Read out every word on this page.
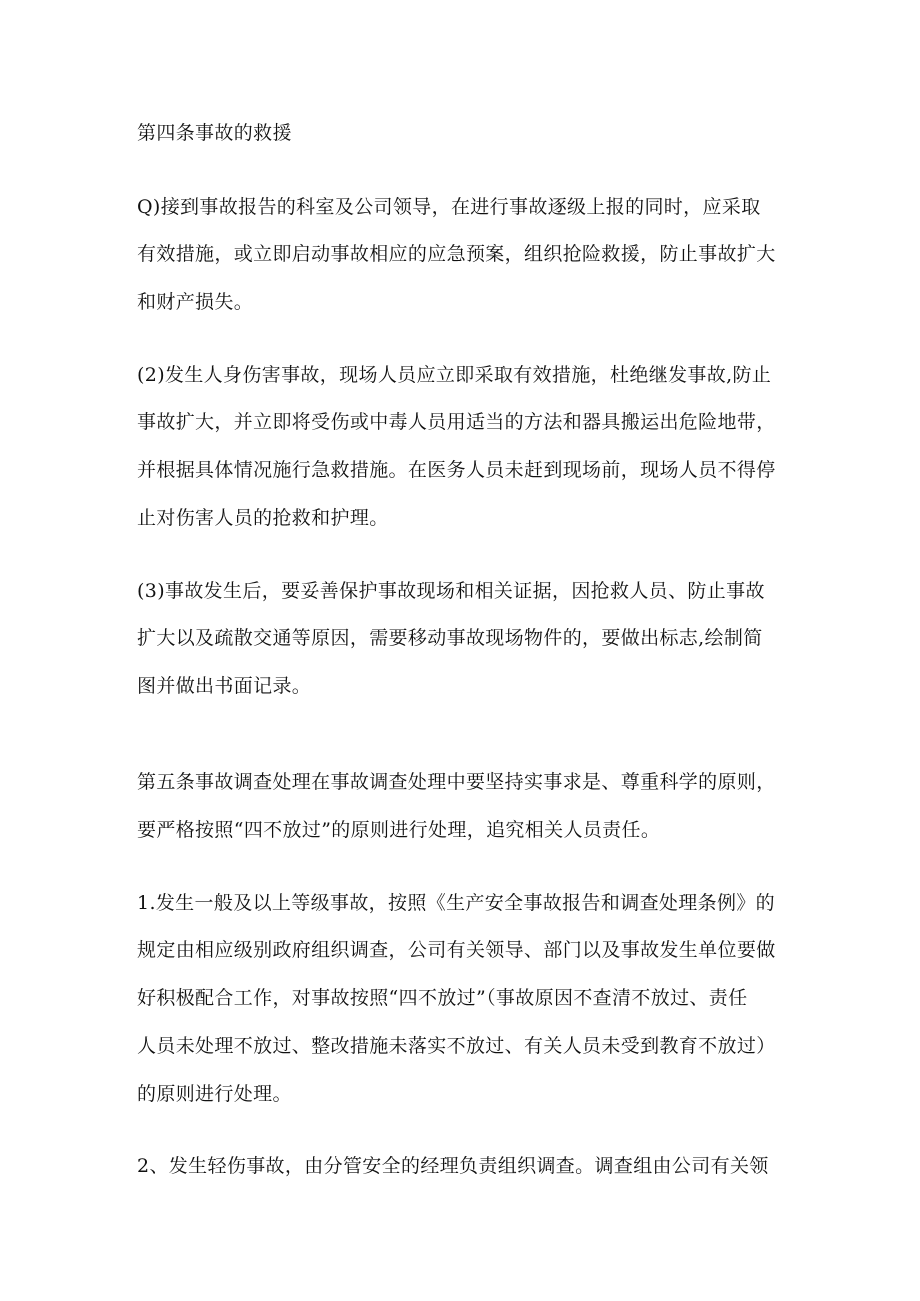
第四条事故的救援

Q)接到事故报告的科室及公司领导，在进行事故逐级上报的同时，应采取

有效措施，或立即启动事故相应的应急预案，组织抢险救援，防止事故扩大

和财产损失。

(2)发生人身伤害事故，现场人员应立即采取有效措施，杜绝继发事故,防止

事故扩大，并立即将受伤或中毒人员用适当的方法和器具搬运出危险地带，

并根据具体情况施行急救措施。在医务人员未赶到现场前，现场人员不得停

止对伤害人员的抢救和护理。

(3)事故发生后，要妥善保护事故现场和相关证据，因抢救人员、防止事故

扩大以及疏散交通等原因，需要移动事故现场物件的，要做出标志,绘制简

图并做出书面记录。

第五条事故调查处理在事故调查处理中要坚持实事求是、尊重科学的原则，

要严格按照“四不放过”的原则进行处理，追究相关人员责任。

1.发生一般及以上等级事故，按照《生产安全事故报告和调查处理条例》的

规定由相应级别政府组织调查，公司有关领导、部门以及事故发生单位要做

好积极配合工作，对事故按照“四不放过”（事故原因不查清不放过、责任

人员未处理不放过、整改措施未落实不放过、有关人员未受到教育不放过）

的原则进行处理。

2、发生轻伤事故，由分管安全的经理负责组织调查。调查组由公司有关领
